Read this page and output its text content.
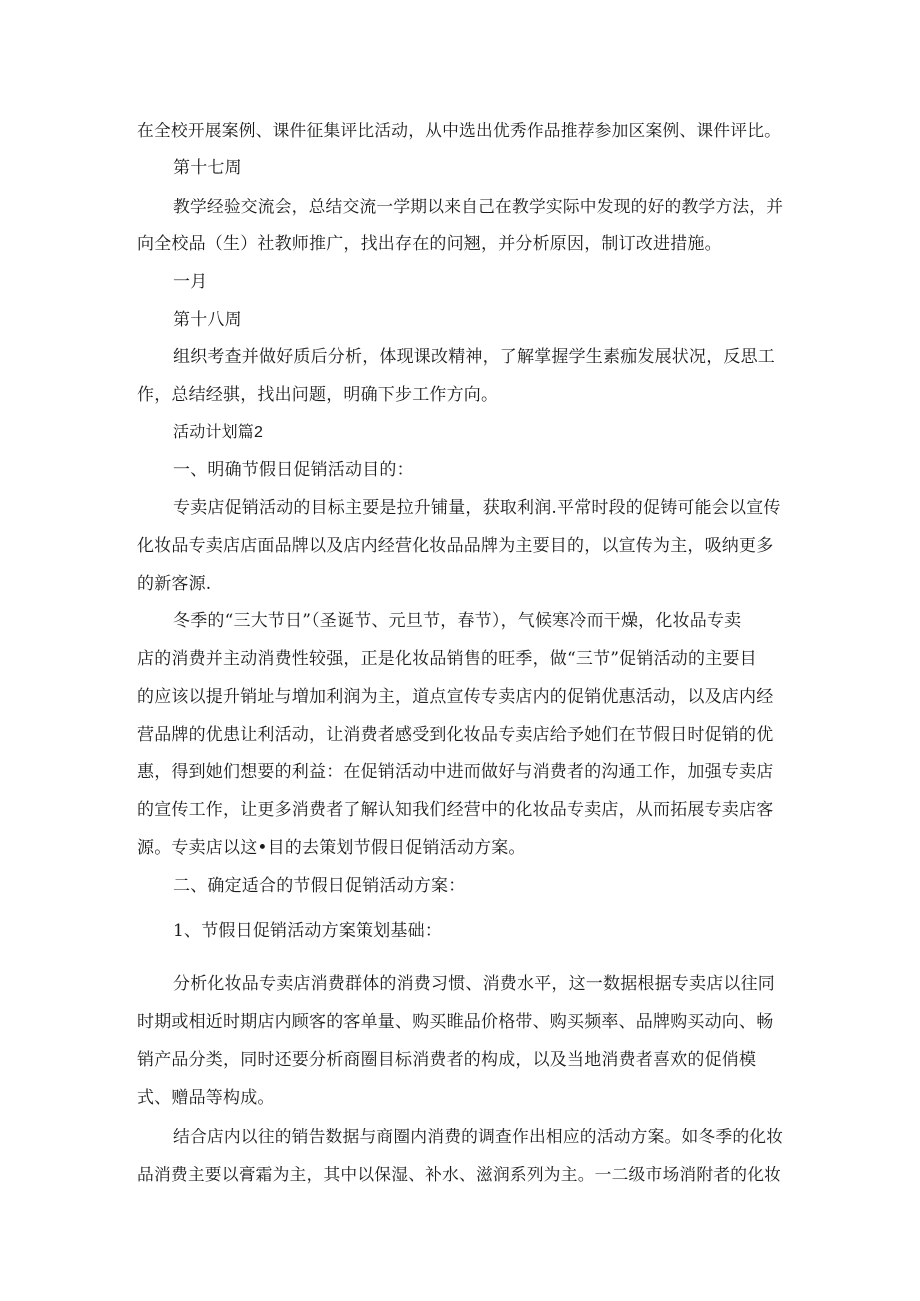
在全校开展案例、课件征集评比活动，从中选出优秀作品推荐参加区案例、课件评比。
第十七周
教学经验交流会，总结交流一学期以来自己在教学实际中发现的好的教学方法，并
向全校品（生）社教师推广，找出存在的问翘，并分析原因，制订改进措施。
一月
第十八周
组织考查并做好质后分析，体现课改精神，了解掌握学生素痂发展状况，反思工
作，总结经骐，找出问题，明确下步工作方向。
活动计划篇2
一、明确节假日促销活动目的：
专卖店促销活动的目标主要是拉升铺量，获取利润.平常时段的促铸可能会以宣传
化妆品专卖店店面品牌以及店内经营化妆品品牌为主要目的，以宣传为主，吸纳更多
的新客源.
冬季的“三大节日”（圣诞节、元旦节，春节），气候寒冷而干燥，化妆品专卖
店的消费并主动消费性较强，正是化妆品销售的旺季，做“三节”促销活动的主要目
的应该以提升销址与増加利润为主，道点宣传专卖店内的促销优惠活动，以及店内经
营品牌的优患让利活动，让消费者感受到化妆品专卖店给予她们在节假日时促销的优
惠，得到她们想要的利益：在促销活动中进而做好与消费者的沟通工作，加强专卖店
的宣传工作，让更多消费者了解认知我们经营中的化妆品专卖店，从而拓展专卖店客
源。专卖店以这•目的去策划节假日促销活动方案。
二、确定适合的节假日促销活动方案：
1、节假日促销活动方案策划基础：
分析化妆品专卖店消费群体的消费习惯、消费水平，这一数据根据专卖店以往同
时期或相近时期店内顾客的客单量、购买睢品价格带、购买频率、品牌购买动向、畅
销产品分类，同时还要分析商圈目标消费者的构成，以及当地消费者喜欢的促俏模
式、赠品等构成。
结合店内以往的销告数据与商圈内消费的调查作出相应的活动方案。如冬季的化妆
品消费主要以膏霜为主，其中以保湿、补水、滋润系列为主。一二级市场消附者的化妆
